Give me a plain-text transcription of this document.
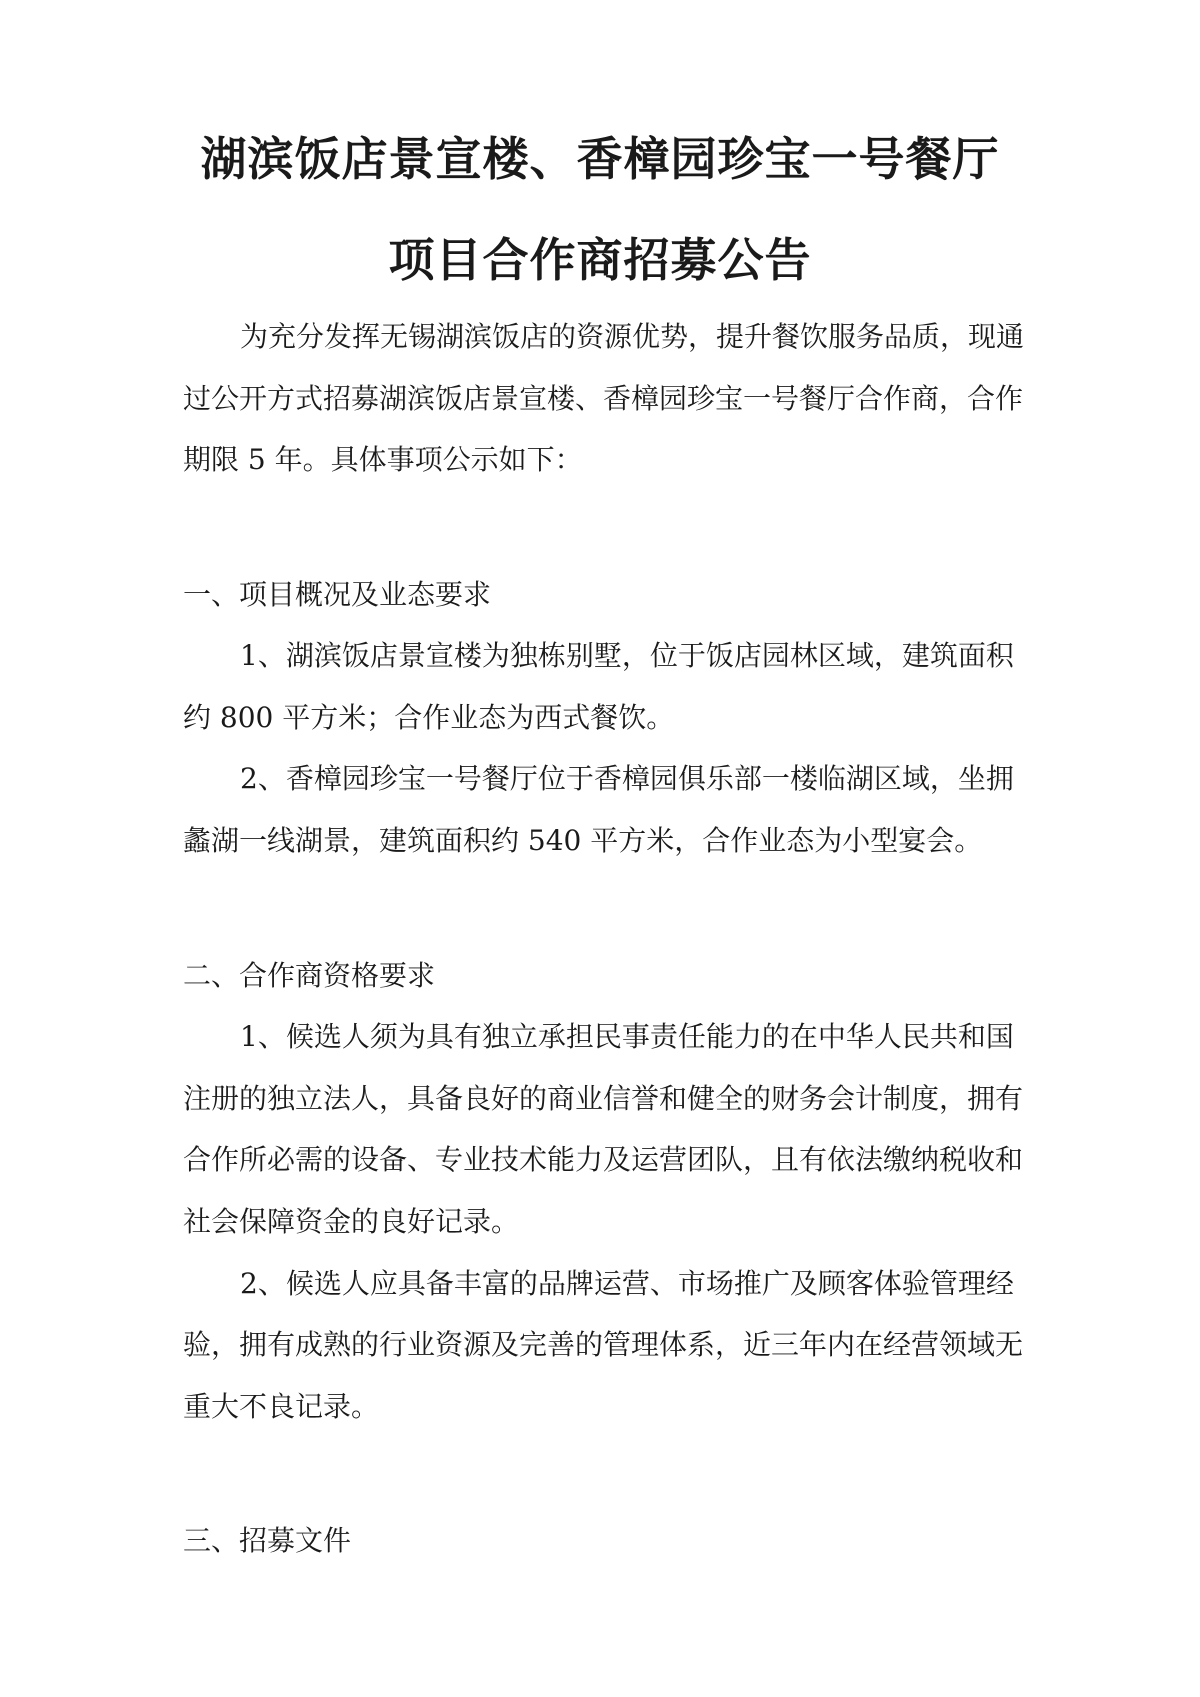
湖滨饭店景宣楼、香樟园珍宝一号餐厅
项目合作商招募公告
为充分发挥无锡湖滨饭店的资源优势，提升餐饮服务品质，现通
过公开方式招募湖滨饭店景宣楼、香樟园珍宝一号餐厅合作商，合作
期限 5 年。具体事项公示如下：
一、项目概况及业态要求
1、湖滨饭店景宣楼为独栋别墅，位于饭店园林区域，建筑面积
约 800 平方米；合作业态为西式餐饮。
2、香樟园珍宝一号餐厅位于香樟园俱乐部一楼临湖区域，坐拥
蠡湖一线湖景，建筑面积约 540 平方米，合作业态为小型宴会。
二、合作商资格要求
1、候选人须为具有独立承担民事责任能力的在中华人民共和国
注册的独立法人，具备良好的商业信誉和健全的财务会计制度，拥有
合作所必需的设备、专业技术能力及运营团队，且有依法缴纳税收和
社会保障资金的良好记录。
2、候选人应具备丰富的品牌运营、市场推广及顾客体验管理经
验，拥有成熟的行业资源及完善的管理体系，近三年内在经营领域无
重大不良记录。
三、招募文件
